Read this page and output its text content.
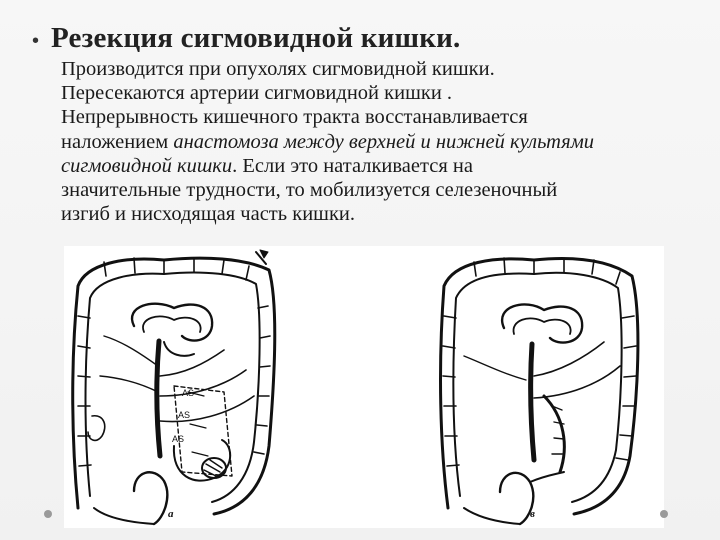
• Резекция сигмовидной кишки.
Производится при опухолях сигмовидной кишки.
Пересекаются артерии сигмовидной кишки .
Непрерывность кишечного тракта восстанавливается
наложением анастомоза между верхней и нижней культями
сигмовидной кишки. Если это наталкивается на
значительные трудности, то мобилизуется селезеночный
изгиб и нисходящая часть кишки.
AS
AS
AS
а	в
